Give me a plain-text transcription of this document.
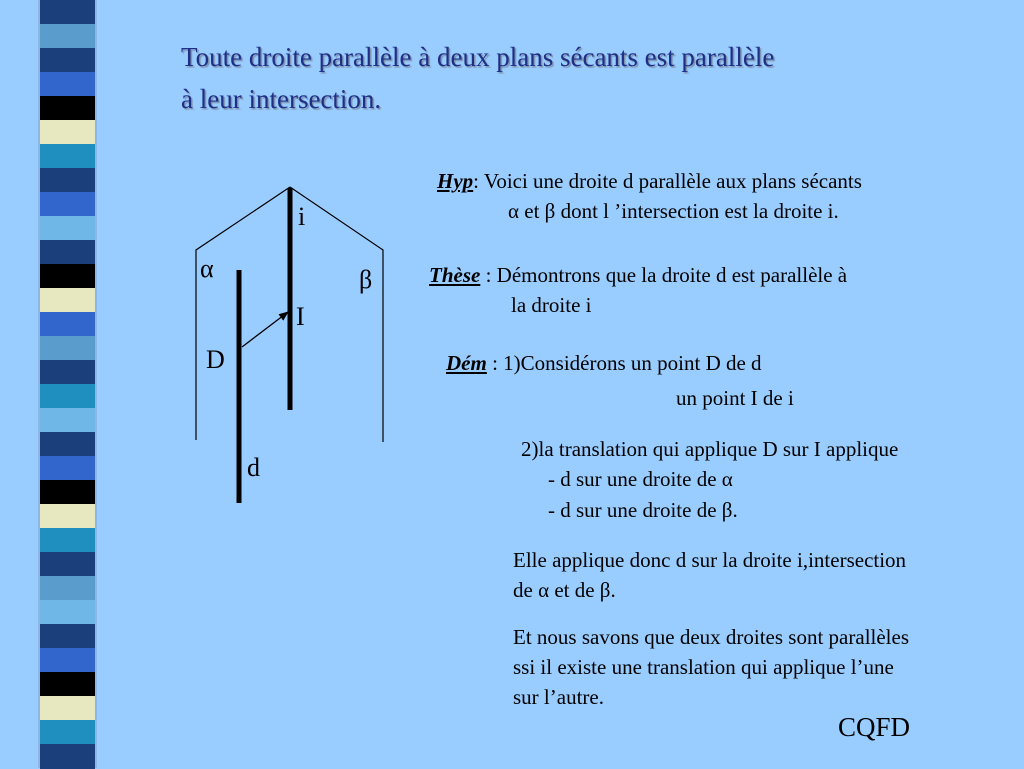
Toute droite parallèle à deux plans sécants est parallèle
à leur intersection.
i
α	β
I
D
d
Hyp: Voici une droite d parallèle aux plans sécants
α et β dont l ’intersection est la droite i.
Thèse : Démontrons que la droite d est parallèle à
la droite i
Dém : 1)Considérons un point D de d
un point I de i
2)la translation qui applique D sur I applique
- d sur une droite de α
- d sur une droite de β.
Elle applique donc d sur la droite i,intersection
de α et de β.
Et nous savons que deux droites sont parallèles
ssi il existe une translation qui applique l’une
sur l’autre.
CQFD
